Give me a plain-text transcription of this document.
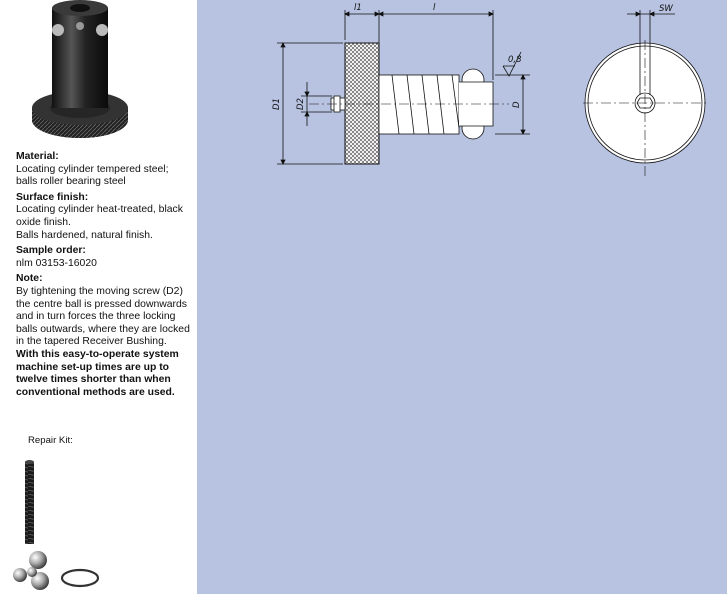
Material:

Locating cylinder tempered steel; balls roller bearing steel

Surface finish:

Locating cylinder heat-treated, black oxide finish.

Balls hardened, natural finish.

Sample order:

nlm 03153-16020

Note:

By tightening the moving screw (D2) the centre ball is pressed downwards and in turn forces the three locking balls outwards, where they are locked in the tapered Receiver Bushing.

With this easy-to-operate system machine set-up times are up to twelve times shorter than when conventional methods are used.

Repair Kit:
l1	l	SW
0,8
D1 D2	D
